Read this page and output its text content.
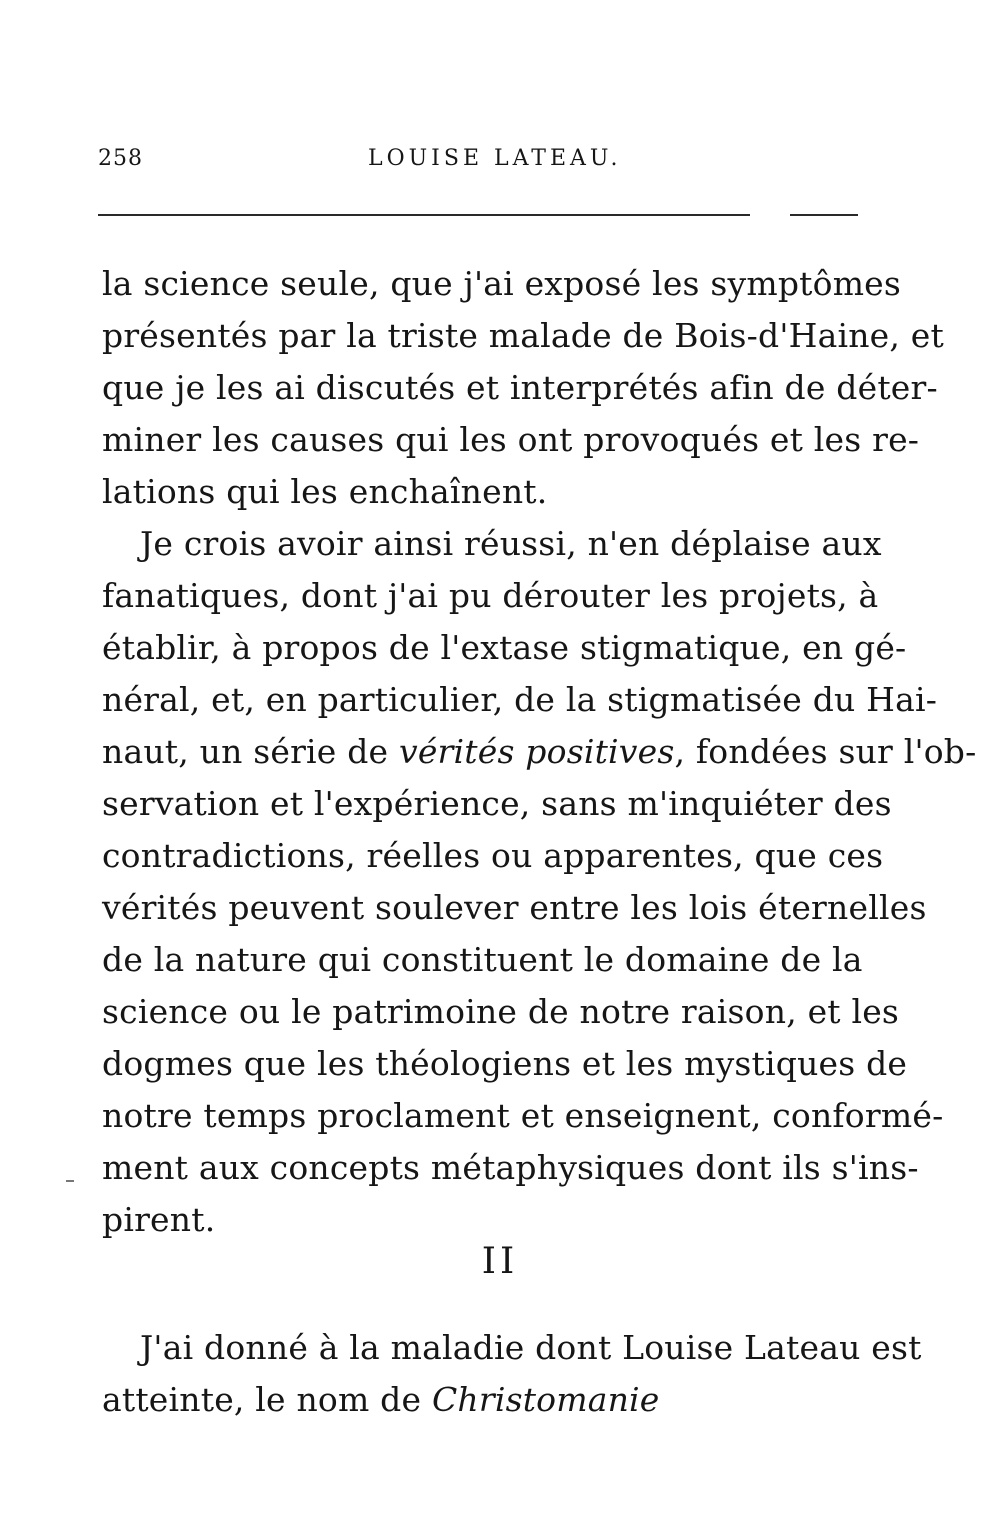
258	LOUISE LATEAU.
la science seule, que j'ai exposé les symptômes
présentés par la triste malade de Bois-d'Haine, et
que je les ai discutés et interprétés afin de déter-
miner les causes qui les ont provoqués et les re-
lations qui les enchaînent.
Je crois avoir ainsi réussi, n'en déplaise aux
fanatiques, dont j'ai pu dérouter les projets, à
établir, à propos de l'extase stigmatique, en gé-
néral, et, en particulier, de la stigmatisée du Hai-
naut, un série de vérités positives, fondées sur l'ob-
servation et l'expérience, sans m'inquiéter des
contradictions, réelles ou apparentes, que ces
vérités peuvent soulever entre les lois éternelles
de la nature qui constituent le domaine de la
science ou le patrimoine de notre raison, et les
dogmes que les théologiens et les mystiques de
notre temps proclament et enseignent, conformé-
ment aux concepts métaphysiques dont ils s'ins-
pirent.
II
J'ai donné à la maladie dont Louise Lateau est
atteinte, le nom de Christomanie
